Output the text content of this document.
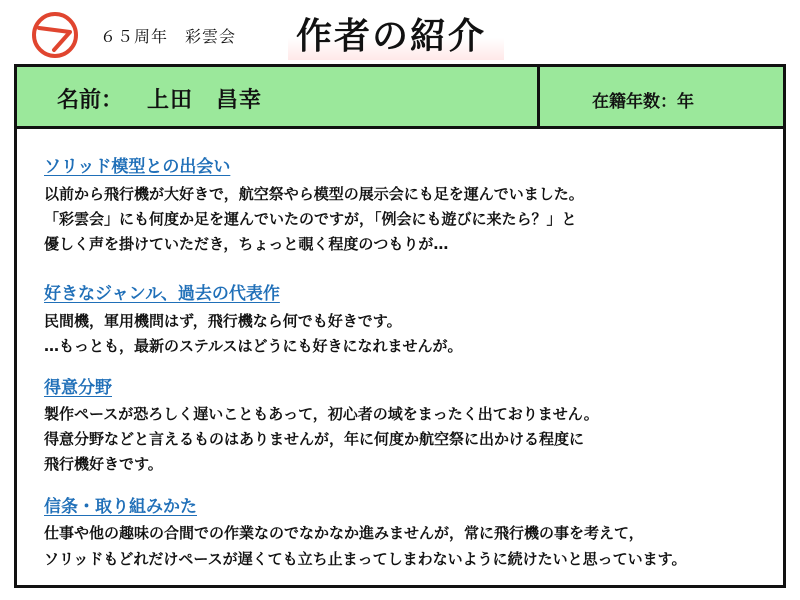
６５周年　彩雲会 作者の紹介
名前： 上田　昌幸	在籍年数：年
ソリッド模型との出会い
以前から飛行機が大好きで，航空祭やら模型の展示会にも足を運んでいました。
「彩雲会」にも何度か足を運んでいたのですが，「例会にも遊びに来たら？」と
優しく声を掛けていただき，ちょっと覗く程度のつもりが…
好きなジャンル、過去の代表作
民間機，軍用機問はず，飛行機なら何でも好きです。
…もっとも，最新のステルスはどうにも好きになれませんが。
得意分野
製作ペースが恐ろしく遅いこともあって，初心者の域をまったく出ておりません。
得意分野などと言えるものはありませんが，年に何度か航空祭に出かける程度に
飛行機好きです。
信条・取り組みかた
仕事や他の趣味の合間での作業なのでなかなか進みませんが，常に飛行機の事を考えて，
ソリッドもどれだけペースが遅くても立ち止まってしまわないように続けたいと思っています。
